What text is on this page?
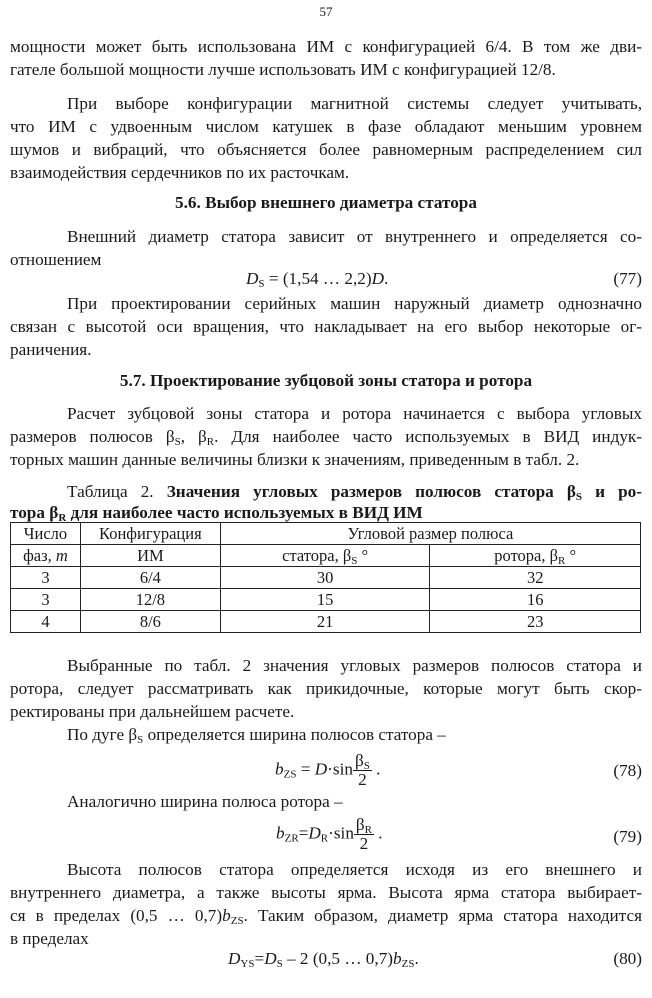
57
мощности может быть использована ИМ с конфигурацией 6/4. В том же дви-
гателе большой мощности лучше использовать ИМ с конфигурацией 12/8.
При выборе конфигурации магнитной системы следует учитывать,
что ИМ с удвоенным числом катушек в фазе обладают меньшим уровнем
шумов и вибраций, что объясняется более равномерным распределением сил
взаимодействия сердечников по их расточкам.
5.6. Выбор внешнего диаметра статора
Внешний диаметр статора зависит от внутреннего и определяется со-
отношением
$D_S = (1,54$ … 2,2)D.	(77)
При проектировании серийных машин наружный диаметр однозначно
связан с высотой оси вращения, что накладывает на его выбор некоторые ог-
раничения.
5.7. Проектирование зубцовой зоны статора и ротора
Расчет зубцовой зоны статора и ротора начинается с выбора угловых
размеров полюсов $\beta_S$, $\beta_R$. Для наиболее часто используемых в ВИД индук-
торных машин данные величины близки к значениям, приведенным в табл. 2.
Таблица 2. Значения угловых размеров полюсов статора $\beta_S$ и ро-
тора $\beta_R$ для наиболее часто используемых в ВИД ИМ
Число	Конфигурация	Угловой размер полюса	
фаз, m	ИМ	статора, $\beta_S$ °	ротора, $\beta_R$ °
3	6/4	30	32
3	12/8	15	16
4	8/6	21	23
Выбранные по табл. 2 значения угловых размеров полюсов статора и
ротора, следует рассматривать как прикидочные, которые могут быть скор-
ректированы при дальнейшем расчете.
По дуге $\beta_S$ определяется ширина полюсов статора –
$b_{ZS} = D\cdot\sin \frac{\beta_S}{2}$ .	(78)
Аналогично ширина полюса ротора –
$b_{ZR}=D_R\cdot\sin \frac{\beta_R}{2}$ .	(79)
Высота полюсов статора определяется исходя из его внешнего и
внутреннего диаметра, а также высоты ярма. Высота ярма статора выбирает-
ся в пределах (0,5 … $0,7)b_{ZS}$. Таким образом, диаметр ярма статора находится
в пределах
$D_{YS}=D_S - 2$ (0,5 … $0,7)b_{ZS}$.	(80)
